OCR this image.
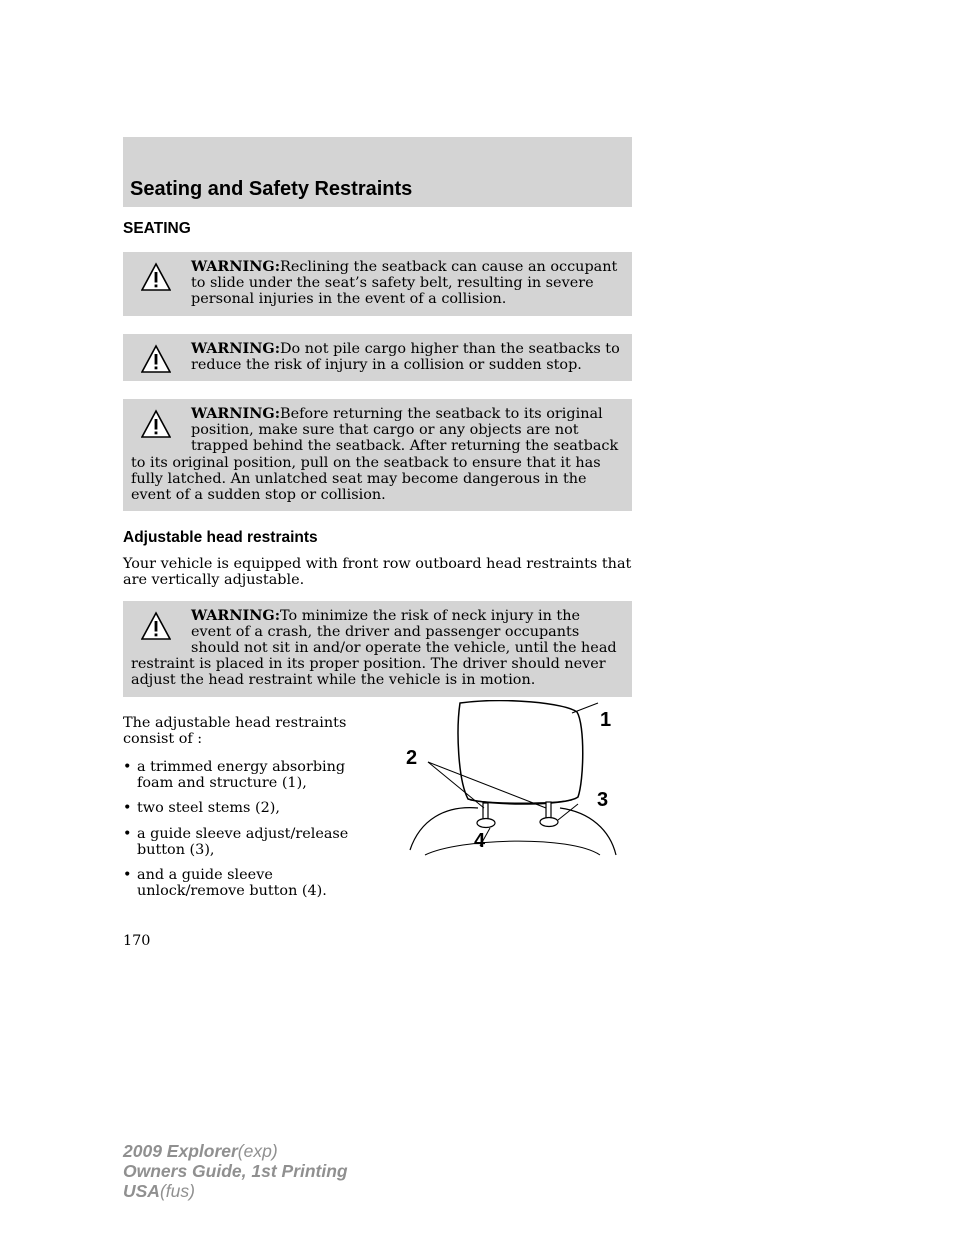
Seating and Safety Restraints
SEATING
WARNING:Reclining the seatback can cause an occupant to slide under the seat’s safety belt, resulting in severe personal injuries in the event of a collision.
WARNING:Do not pile cargo higher than the seatbacks to reduce the risk of injury in a collision or sudden stop.
WARNING:Before returning the seatback to its original position, make sure that cargo or any objects are not trapped behind the seatback. After returning the seatback to its original position, pull on the seatback to ensure that it has fully latched. An unlatched seat may become dangerous in the event of a sudden stop or collision.
Adjustable head restraints

Your vehicle is equipped with front row outboard head restraints that are vertically adjustable.

WARNING:To minimize the risk of neck injury in the event of a crash, the driver and passenger occupants should not sit in and/or operate the vehicle, until the head restraint is placed in its proper position. The driver should never adjust the head restraint while the vehicle is in motion.

The adjustable head restraints consist of :

• a trimmed energy absorbing foam and structure (1),
• two steel stems (2),
• a guide sleeve adjust/release button (3),
• and a guide sleeve unlock/remove button (4).
1
2
3
4

170

2009 Explorer(exp)
Owners Guide, 1st Printing
USA(fus)
